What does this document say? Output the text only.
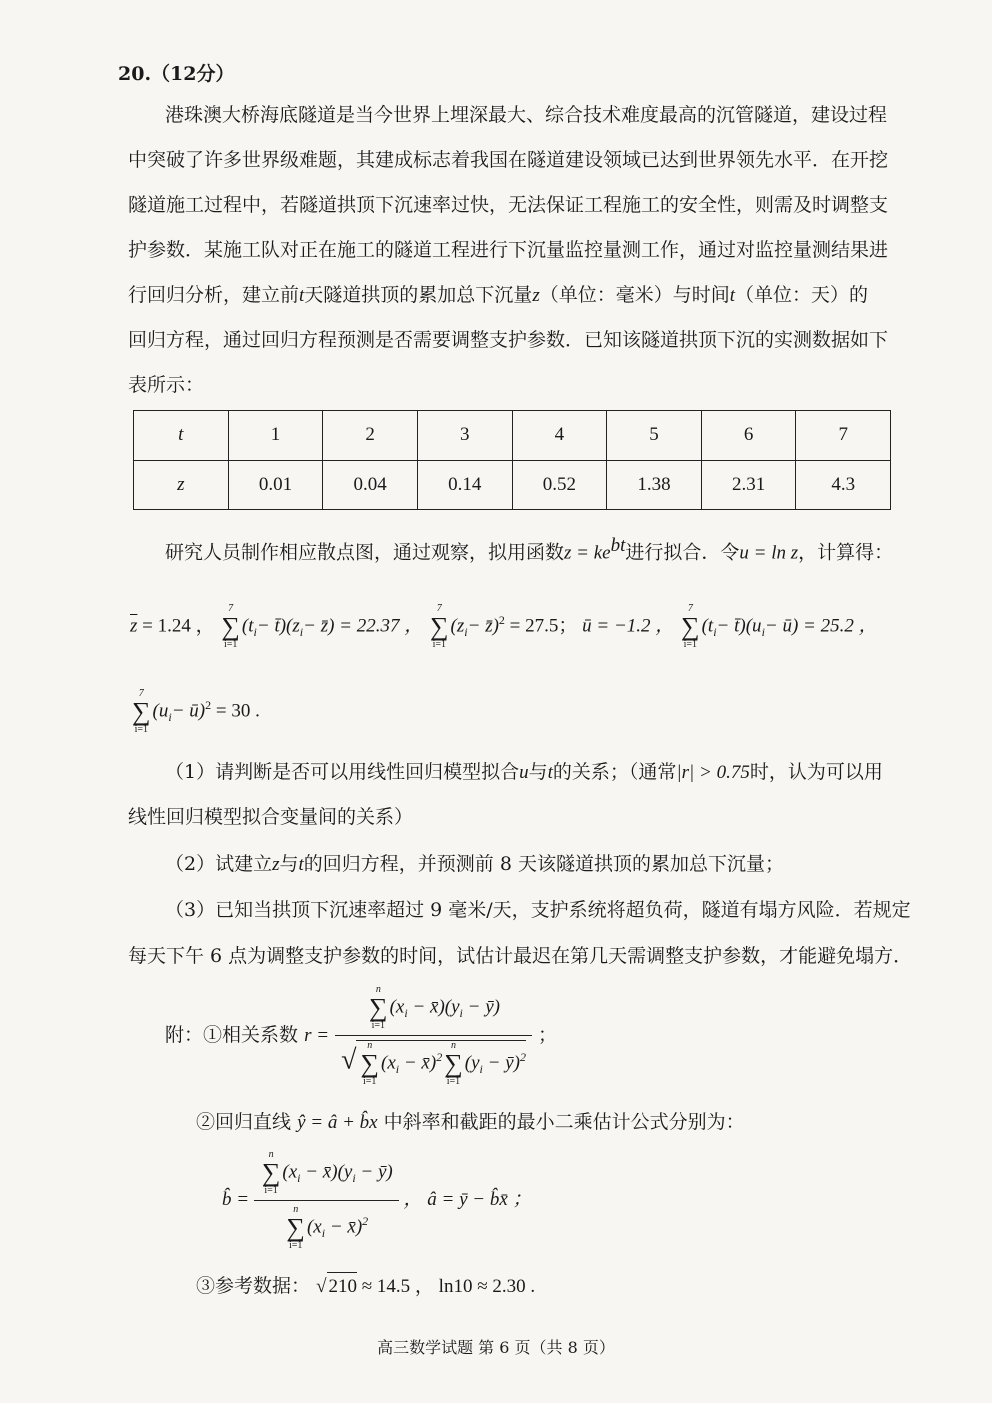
20.（12分）
港珠澳大桥海底隧道是当今世界上埋深最大、综合技术难度最高的沉管隧道，建设过程
中突破了许多世界级难题，其建成标志着我国在隧道建设领域已达到世界领先水平．在开挖
隧道施工过程中，若隧道拱顶下沉速率过快，无法保证工程施工的安全性，则需及时调整支
护参数．某施工队对正在施工的隧道工程进行下沉量监控量测工作，通过对监控量测结果进
行回归分析，建立前t天隧道拱顶的累加总下沉量z（单位：毫米）与时间t（单位：天）的
回归方程，通过回归方程预测是否需要调整支护参数．已知该隧道拱顶下沉的实测数据如下
表所示：
t	1	2	3	4	5	6	7
z	0.01	0.04	0.14	0.52	1.38	2.31	4.3
研究人员制作相应散点图，通过观察，拟用函数$z = ke^{bt}$进行拟合．令u = ln z，计算得：
$\overline{z} = 1.24$ ，
7
∑
i=1
($t_i-$ $t̄)(z_i-$ z̄) = 22.37 ，
7
∑
i=1
($z_i-$ z̄)$^2$ = 27.5； ū = −1.2 ，
7
∑
i=1
($t_i-$ $t̄)(u_i-$ ū) = 25.2 ，
7
∑
i=1
($u_i-$ ū)$^2$ = 30 .
（1）请判断是否可以用线性回归模型拟合u与t的关系；（通常|r| > 0.75时，认为可以用
线性回归模型拟合变量间的关系）
（2）试建立z与t的回归方程，并预测前 8 天该隧道拱顶的累加总下沉量；
（3）已知当拱顶下沉速率超过 9 毫米/天，支护系统将超负荷，隧道有塌方风险．若规定
每天下午 6 点为调整支护参数的时间，试估计最迟在第几天需调整支护参数，才能避免塌方．
附：①相关系数 r = n
∑
i=1
($x_i$ − $x̄)(y_i$ − ȳ)
√	n
∑
i=1
($x_i$ − x̄)$^2$
n
∑
i=1
($y_i$ − ȳ)$^2$ ；
②回归直线 ŷ = â + b̂x 中斜率和截距的最小二乘估计公式分别为：
b̂ = n
∑
i=1
($x_i$ − $x̄)(y_i$ − ȳ)
n
∑
i=1
($x_i$ − x̄)$^2$ ， â = ȳ − b̂x̄ ；
③参考数据： √ 210 ≈ 14.5 ， ln10 ≈ 2.30 .
高三数学试题 第 6 页（共 8 页）
